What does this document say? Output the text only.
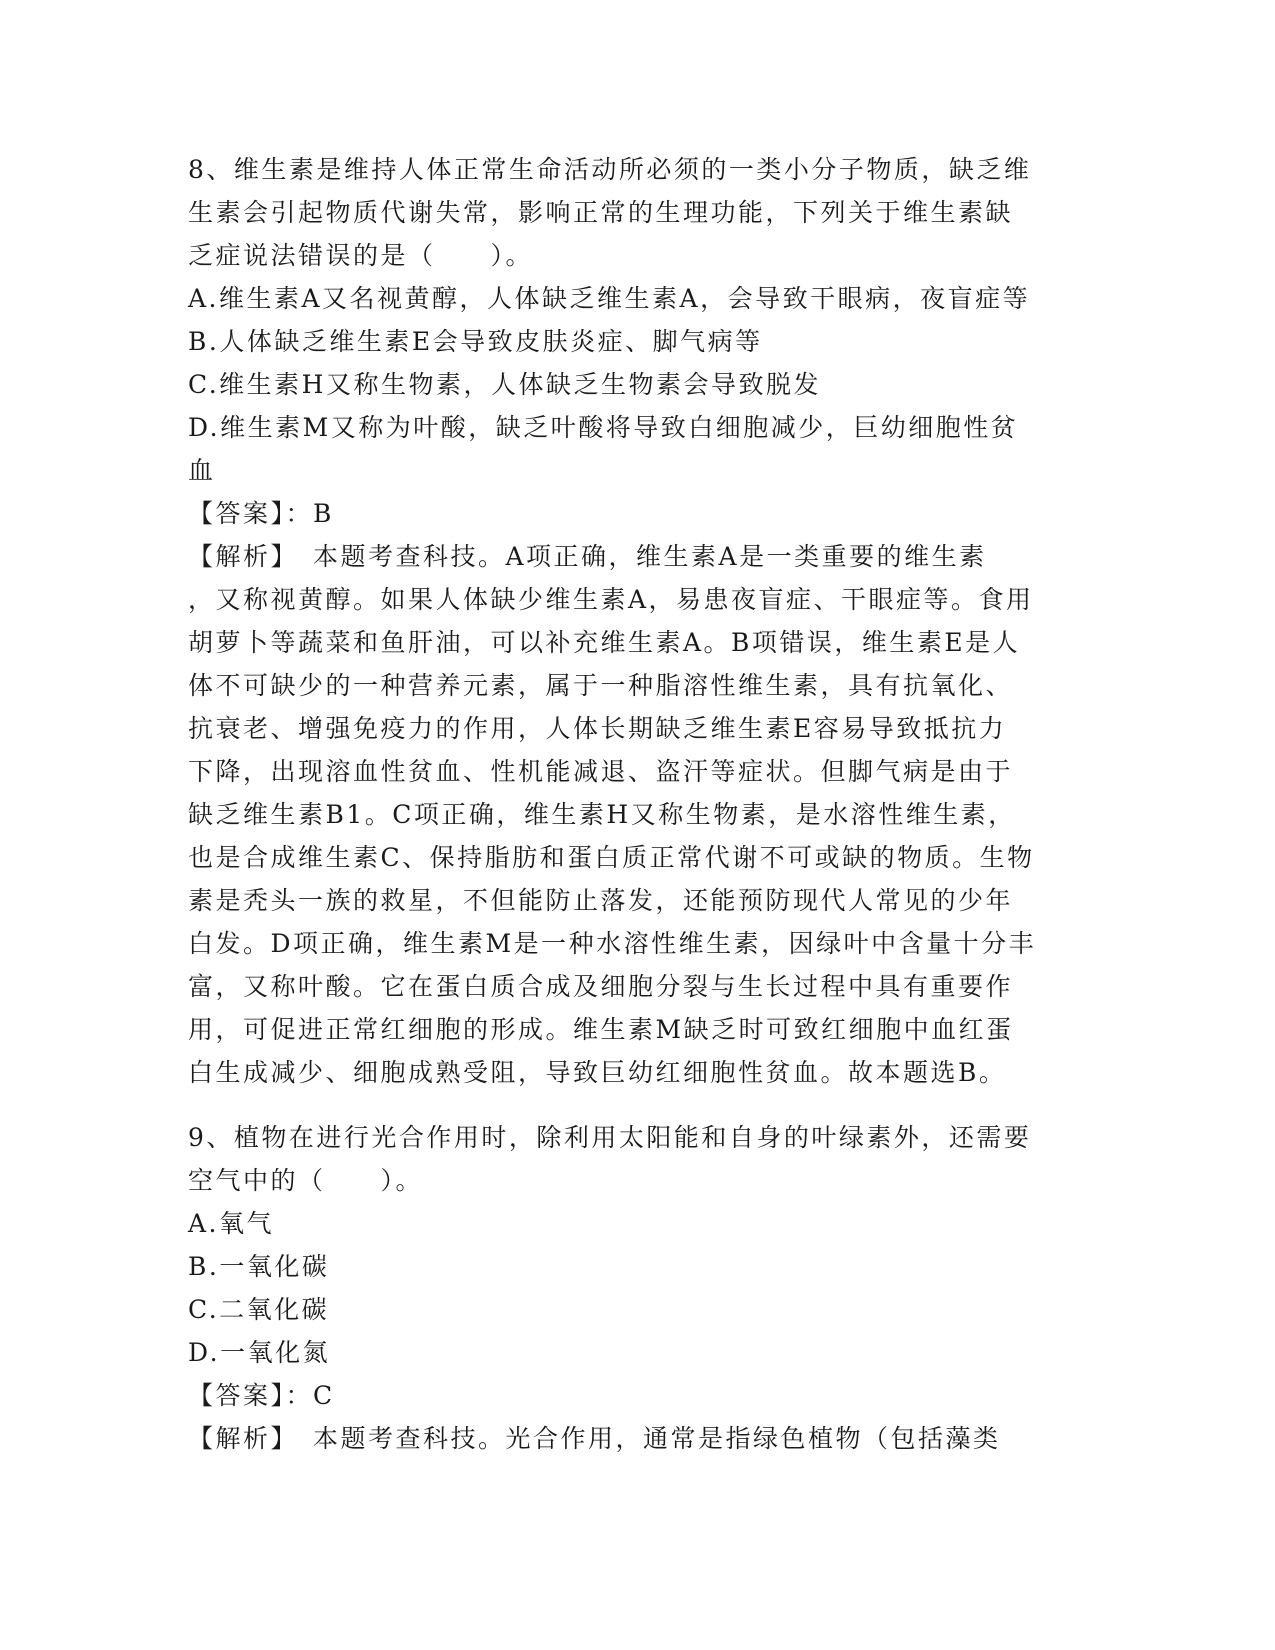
8、维生素是维持人体正常生命活动所必须的一类小分子物质，缺乏维
生素会引起物质代谢失常，影响正常的生理功能，下列关于维生素缺
乏症说法错误的是（　　）。
A.维生素A又名视黄醇，人体缺乏维生素A，会导致干眼病，夜盲症等
B.人体缺乏维生素E会导致皮肤炎症、脚气病等
C.维生素H又称生物素，人体缺乏生物素会导致脱发
D.维生素M又称为叶酸，缺乏叶酸将导致白细胞减少，巨幼细胞性贫
血
【答案】：B
【解析】　本题考查科技。A项正确，维生素A是一类重要的维生素
，又称视黄醇。如果人体缺少维生素A，易患夜盲症、干眼症等。食用
胡萝卜等蔬菜和鱼肝油，可以补充维生素A。B项错误，维生素E是人
体不可缺少的一种营养元素，属于一种脂溶性维生素，具有抗氧化、
抗衰老、增强免疫力的作用，人体长期缺乏维生素E容易导致抵抗力
下降，出现溶血性贫血、性机能减退、盗汗等症状。但脚气病是由于
缺乏维生素B1。C项正确，维生素H又称生物素，是水溶性维生素，
也是合成维生素C、保持脂肪和蛋白质正常代谢不可或缺的物质。生物
素是秃头一族的救星，不但能防止落发，还能预防现代人常见的少年
白发。D项正确，维生素M是一种水溶性维生素，因绿叶中含量十分丰
富，又称叶酸。它在蛋白质合成及细胞分裂与生长过程中具有重要作
用，可促进正常红细胞的形成。维生素M缺乏时可致红细胞中血红蛋
白生成减少、细胞成熟受阻，导致巨幼红细胞性贫血。故本题选B。
9、植物在进行光合作用时，除利用太阳能和自身的叶绿素外，还需要
空气中的（　　）。
A.氧气
B.一氧化碳
C.二氧化碳
D.一氧化氮
【答案】：C
【解析】　本题考查科技。光合作用，通常是指绿色植物（包括藻类
